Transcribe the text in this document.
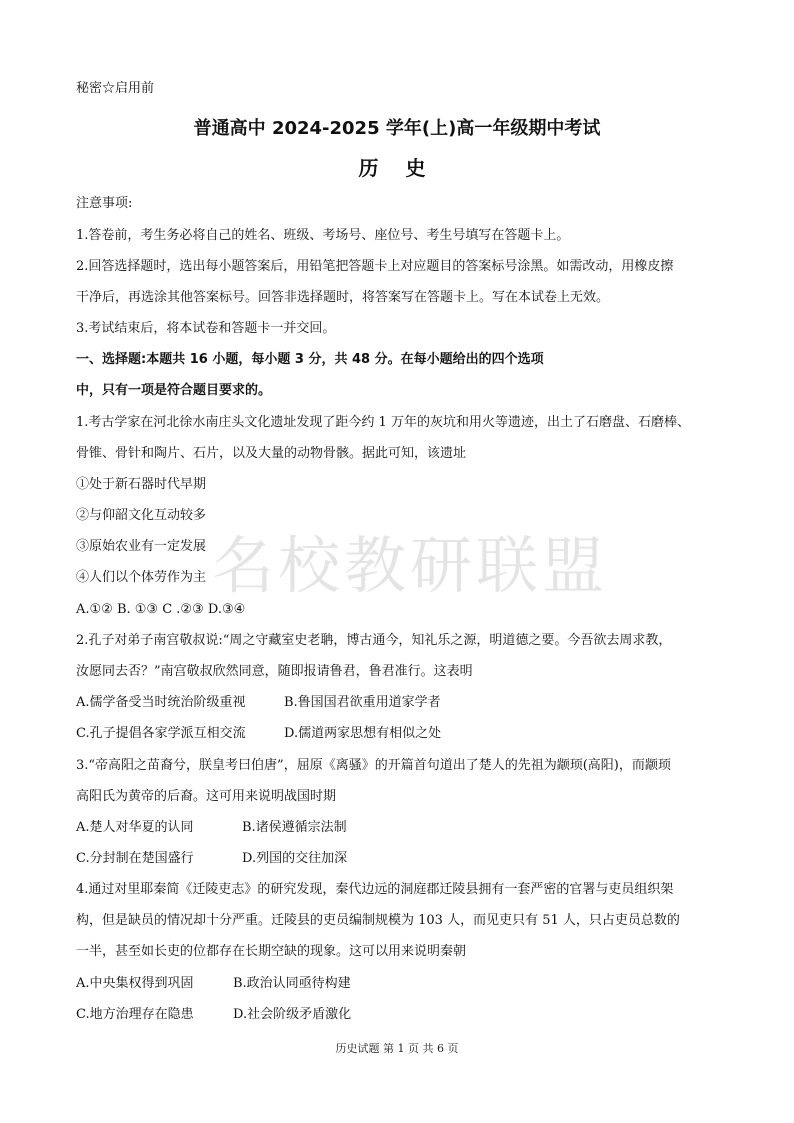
秘密☆启用前
普通高中 2024-2025 学年(上)高一年级期中考试
历 史
注意事项:
1.答卷前，考生务必将自己的姓名、班级、考场号、座位号、考生号填写在答题卡上。
2.回答选择题时，选出每小题答案后，用铅笔把答题卡上对应题目的答案标号涂黑。如需改动，用橡皮擦
干净后，再选涂其他答案标号。回答非选择题时，将答案写在答题卡上。写在本试卷上无效。
3.考试结束后，将本试卷和答题卡一并交回。
一、选择题:本题共 16 小题，每小题 3 分，共 48 分。在每小题给出的四个选项
中，只有一项是符合题目要求的。
1.考古学家在河北徐水南庄头文化遗址发现了距今约 1 万年的灰坑和用火等遗迹，出土了石磨盘、石磨棒、
骨锥、骨针和陶片、石片，以及大量的动物骨骸。据此可知，该遗址
①处于新石器时代早期
②与仰韶文化互动较多
③原始农业有一定发展
④人们以个体劳作为主
A.①② B. ①③ C .②③ D.③④
2.孔子对弟子南宫敬叔说:“周之守藏室史老聃，博古通今，知礼乐之源，明道德之要。今吾欲去周求教，
汝愿同去否？”南宫敬叔欣然同意，随即报请鲁君，鲁君准行。这表明
A.儒学备受当时统治阶级重视	B.鲁国国君欲重用道家学者
C.孔子提倡各家学派互相交流	D.儒道两家思想有相似之处
3.“帝高阳之苗裔兮，朕皇考曰伯唐”，屈原《离骚》的开篇首句道出了楚人的先祖为颛顼(高阳)，而颛顼
高阳氏为黄帝的后裔。这可用来说明战国时期
A.楚人对华夏的认同	B.诸侯遵循宗法制
C.分封制在楚国盛行	D.列国的交往加深
4.通过对里耶秦简《迁陵吏志》的研究发现，秦代边远的洞庭郡迁陵县拥有一套严密的官署与吏员组织架
构，但是缺员的情况却十分严重。迁陵县的吏员编制规模为 103 人，而见吏只有 51 人，只占吏员总数的
一半，甚至如长吏的位都存在长期空缺的现象。这可以用来说明秦朝
A.中央集权得到巩固	B.政治认同亟待构建
C.地方治理存在隐患	D.社会阶级矛盾激化
名校教研联盟
历史试题 第 1 页 共 6 页
